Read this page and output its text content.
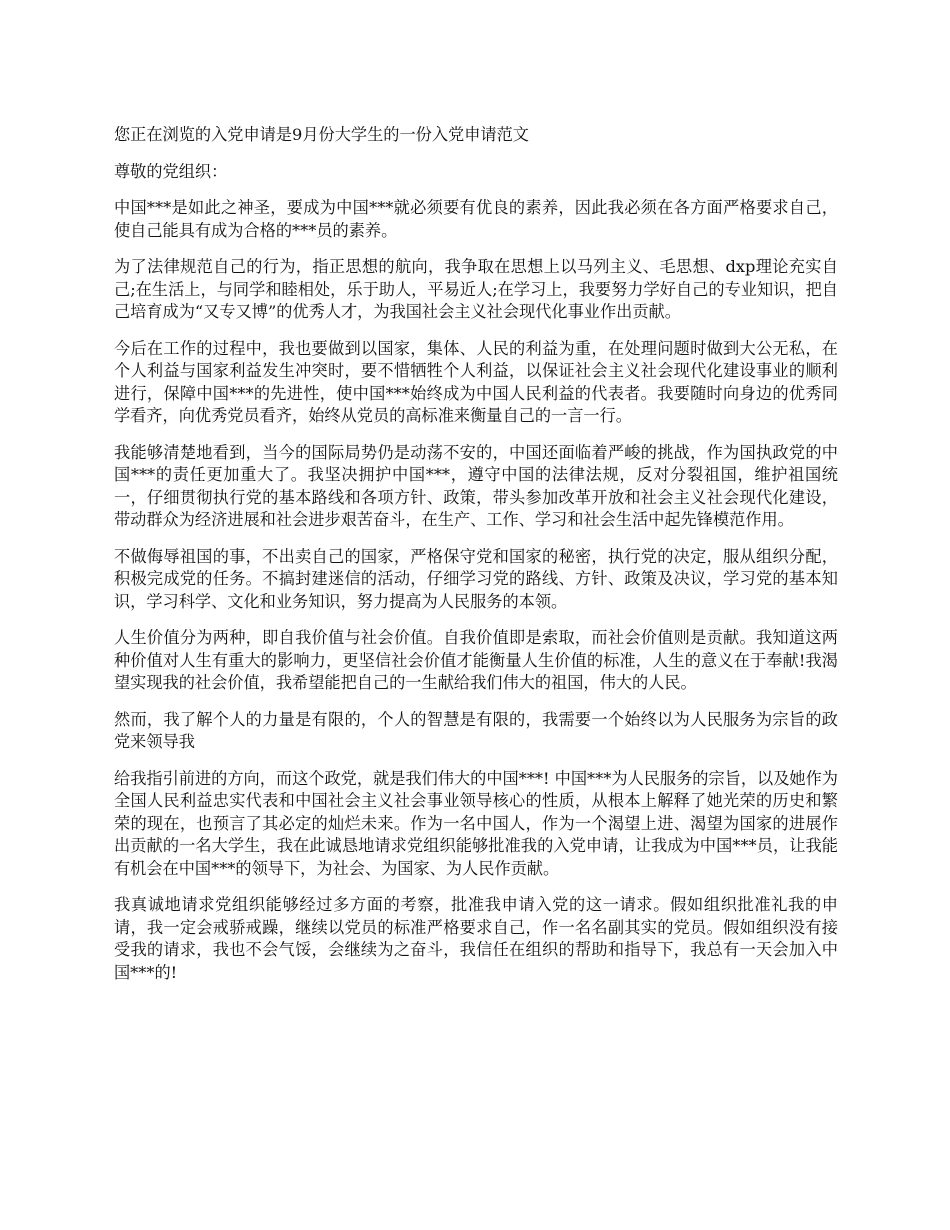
您正在浏览的入党申请是9月份大学生的一份入党申请范文

尊敬的党组织：

中国***是如此之神圣，要成为中国***就必须要有优良的素养，因此我必须在各方面严格要求自己，使自己能具有成为合格的***员的素养。

为了法律规范自己的行为，指正思想的航向，我争取在思想上以马列主义、毛思想、dxp理论充实自己;在生活上，与同学和睦相处，乐于助人，平易近人;在学习上，我要努力学好自己的专业知识，把自己培育成为“又专又博”的优秀人才，为我国社会主义社会现代化事业作出贡献。

今后在工作的过程中，我也要做到以国家，集体、人民的利益为重，在处理问题时做到大公无私，在个人利益与国家利益发生冲突时，要不惜牺牲个人利益，以保证社会主义社会现代化建设事业的顺利进行，保障中国***的先进性，使中国***始终成为中国人民利益的代表者。我要随时向身边的优秀同学看齐，向优秀党员看齐，始终从党员的高标准来衡量自己的一言一行。

我能够清楚地看到，当今的国际局势仍是动荡不安的，中国还面临着严峻的挑战，作为国执政党的中国***的责任更加重大了。我坚决拥护中国***，遵守中国的法律法规，反对分裂祖国，维护祖国统一，仔细贯彻执行党的基本路线和各项方针、政策，带头参加改革开放和社会主义社会现代化建设，带动群众为经济进展和社会进步艰苦奋斗，在生产、工作、学习和社会生活中起先锋模范作用。

不做侮辱祖国的事，不出卖自己的国家，严格保守党和国家的秘密，执行党的决定，服从组织分配，积极完成党的任务。不搞封建迷信的活动，仔细学习党的路线、方针、政策及决议，学习党的基本知识，学习科学、文化和业务知识，努力提高为人民服务的本领。

人生价值分为两种，即自我价值与社会价值。自我价值即是索取，而社会价值则是贡献。我知道这两种价值对人生有重大的影响力，更坚信社会价值才能衡量人生价值的标准，人生的意义在于奉献!我渴望实现我的社会价值，我希望能把自己的一生献给我们伟大的祖国，伟大的人民。

然而，我了解个人的力量是有限的，个人的智慧是有限的，我需要一个始终以为人民服务为宗旨的政党来领导我

给我指引前进的方向，而这个政党，就是我们伟大的中国***! 中国***为人民服务的宗旨，以及她作为全国人民利益忠实代表和中国社会主义社会事业领导核心的性质，从根本上解释了她光荣的历史和繁荣的现在，也预言了其必定的灿烂未来。作为一名中国人，作为一个渴望上进、渴望为国家的进展作出贡献的一名大学生，我在此诚恳地请求党组织能够批准我的入党申请，让我成为中国***员，让我能有机会在中国***的领导下，为社会、为国家、为人民作贡献。

我真诚地请求党组织能够经过多方面的考察，批准我申请入党的这一请求。假如组织批准礼我的申请，我一定会戒骄戒躁，继续以党员的标准严格要求自己，作一名名副其实的党员。假如组织没有接受我的请求，我也不会气馁，会继续为之奋斗，我信任在组织的帮助和指导下，我总有一天会加入中国***的!
